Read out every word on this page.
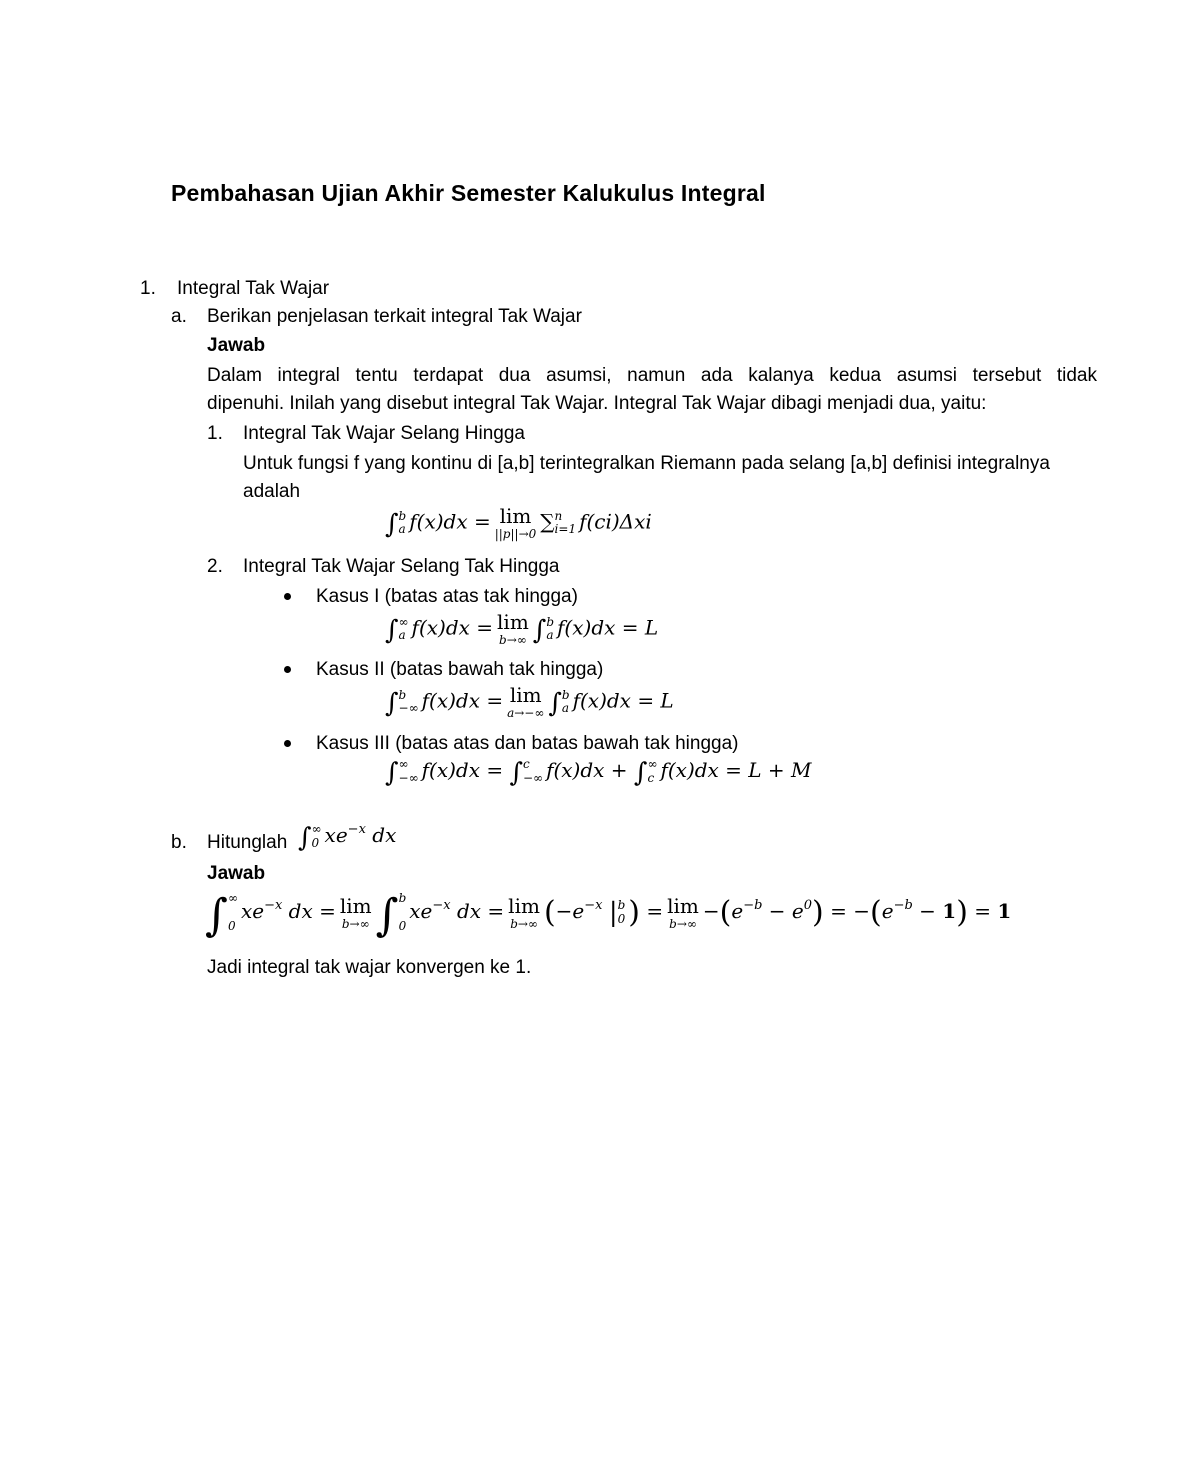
Pembahasan Ujian Akhir Semester Kalukulus Integral
1. Integral Tak Wajar
a. Berikan penjelasan terkait integral Tak Wajar
Jawab
Dalam integral tentu terdapat dua asumsi, namun ada kalanya kedua asumsi tersebut tidak
dipenuhi. Inilah yang disebut integral Tak Wajar. Integral Tak Wajar dibagi menjadi dua, yaitu:
1. Integral Tak Wajar Selang Hingga
Untuk fungsi f yang kontinu di [a,b] terintegralkan Riemann pada selang [a,b] definisi integralnya
adalah
∫ b
a f(x)dx = lim
||p||→0
∑ n
i=1 f(ci)Δxi
2. Integral Tak Wajar Selang Tak Hingga
Kasus I (batas atas tak hingga)
∫ ∞
a f(x)dx = lim
b→∞ ∫ b
a f(x)dx = L
Kasus II (batas bawah tak hingga)
∫ b
−∞ f(x)dx = lim
a→−∞ ∫ b
a f(x)dx = L
Kasus III (batas atas dan batas bawah tak hingga)
∫ ∞
−∞ f(x)dx = ∫ c
−∞ f(x)dx + ∫ ∞
c f(x)dx = L + M
b. Hitunglah ∫ ∞
0 $xe^{-x}$ dx
Jawab
∫ ∞
0
$xe^{-x}$ dx = lim
b→∞ ∫ b
0
$xe^{-x}$ dx = lim
b→∞ ($-e^{-x}$ | b
0 ) = lim
b→∞
$-(e^{-b} - e^0) = -(e^{-b} - 1) = 1$
Jadi integral tak wajar konvergen ke 1.
